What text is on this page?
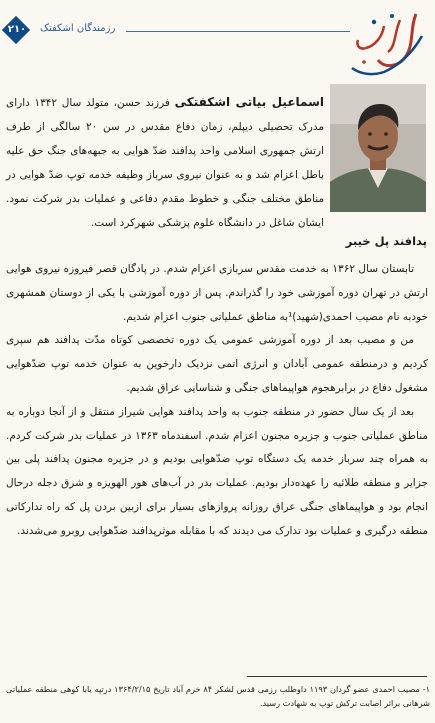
۲۱۰ رزمندگان اشکفتک
اسماعیل بیاتی اشکفتکی فرزند حسن، متولد سال ۱۳۴۲ دارای مدرک تحصیلی دیپلم، زمان دفاع مقدس در سن ۲۰ سالگی از طرف ارتش جمهوری اسلامی واحد پدافند ضدّ هوایی به جبهه‌های جنگ حق علیه باطل اعزام شد و به عنوان نیروی سرباز وظیفه خدمه توپ ضدّ هوایی در مناطق مختلف جنگی و خطوط مقدم دفاعی و عملیات بدر شرکت نمود. ایشان شاغل در دانشگاه علوم پزشکی شهرکرد است.
پدافند پل خیبر

تابستان سال ۱۳۶۲ به خدمت مقدس سربازی اعزام شدم. در پادگان قصر فیروزه نیروی هوایی ارتش در تهران دوره آموزشی خود را گذراندم. پس از دوره آموزشی با یکی از دوستان همشهری خودبه نام مصیب احمدی(شهید)¹به مناطق عملیاتی جنوب اعزام شدیم.

من و مصیب بعد از دوره آموزشی عمومی یک دوره تخصصی کوتاه مدّت پدافند هم سپری کردیم و درمنطقه عمومی آبادان و انرژی اتمی نزدیک دارخوین به عنوان خدمه توپ ضدّهوایی مشغول دفاع در برابرهجوم هواپیماهای جنگی و شناسایی عراق شدیم.

بعد از یک سال حضور در منطقه جنوب به واحد پدافند هوایی شیراز منتقل و از آنجا دوباره به مناطق عملیاتی جنوب و جزیره مجنون اعزام شدم. اسفندماه ۱۳۶۳ در عملیات بدر شرکت کردم. به همراه چند سرباز خدمه یک دستگاه توپ ضدّهوایی بودیم و در جزیره مجنون پدافند پلی بین جزایر و منطقه طلائیه را عهده‌دار بودیم. عملیات بدر در آب‌های هور الهویزه و شرق دجله درحال انجام بود و هواپیماهای جنگی عراق روزانه پروازهای بسیار برای ازبین بردن پل که راه تدارکاتی منطقه درگیری و عملیات بود تدارک می دیدند که با مقابله موثرپدافند ضدّهوایی روبرو می‌شدند.

۱- مصیب احمدی عضو گردان ۱۱۹۳ داوطلب رزمی قدس لشکر ۸۴ خرم آباد تاریخ ۱۳۶۴/۲/۱۵ درتپه بابا کوهی منطقه عملیاتی شرهانی براثر اصابت ترکش توپ به شهادت رسید.
